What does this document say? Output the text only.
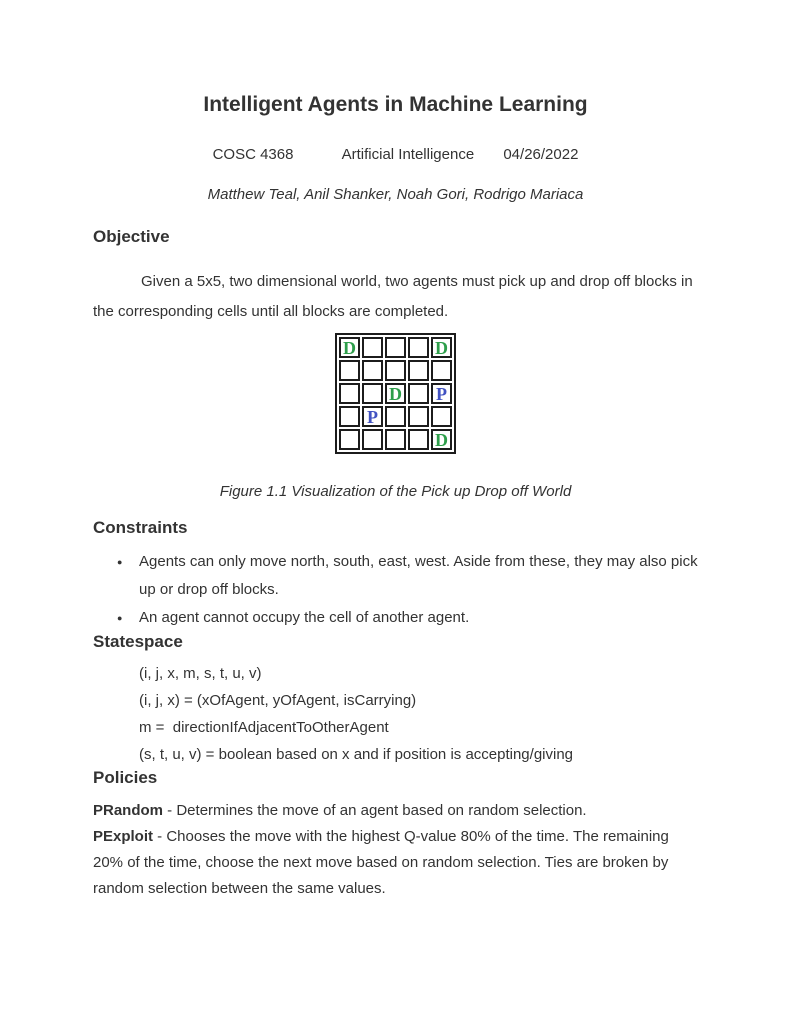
Intelligent Agents in Machine Learning
COSC 4368	Artificial Intelligence 04/26/2022
Matthew Teal, Anil Shanker, Noah Gori, Rodrigo Mariaca
Objective

Given a 5x5, two dimensional world, two agents must pick up and drop off blocks in the corresponding cells until all blocks are completed.

D	D
D P
P
D
Figure 1.1 Visualization of the Pick up Drop off World
Constraints
● Agents can only move north, south, east, west. Aside from these, they may also pick up or drop off blocks.
● An agent cannot occupy the cell of another agent.
Statespace
(i, j, x, m, s, t, u, v)
(i, j, x) = (xOfAgent, yOfAgent, isCarrying)
m =  directionIfAdjacentToOtherAgent
(s, t, u, v) = boolean based on x and if position is accepting/giving
Policies

PRandom - Determines the move of an agent based on random selection.

PExploit - Chooses the move with the highest Q-value 80% of the time. The remaining 20% of the time, choose the next move based on random selection. Ties are broken by random selection between the same values.
